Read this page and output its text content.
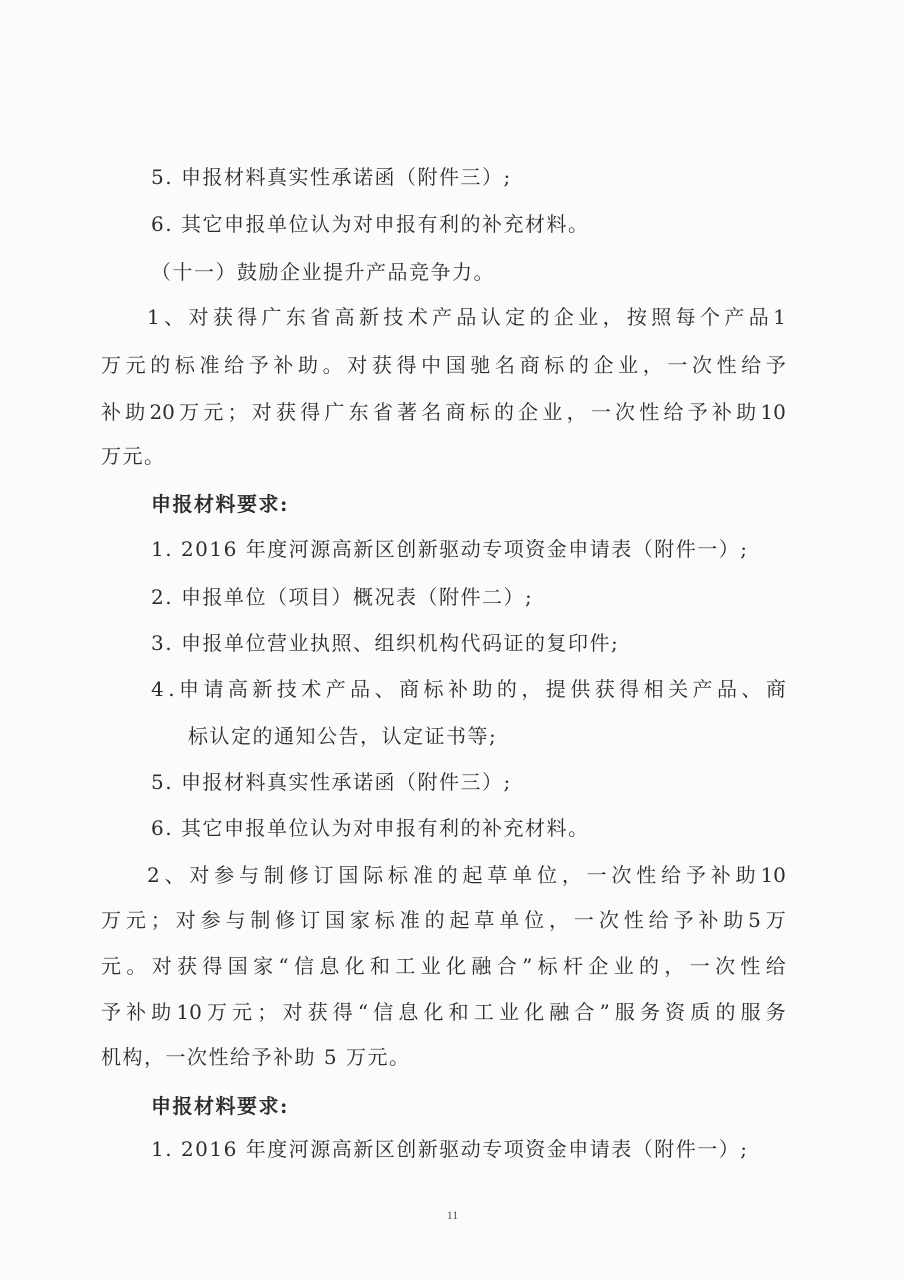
5. 申报材料真实性承诺函（附件三）;
6. 其它申报单位认为对申报有利的补充材料。
（十一）鼓励企业提升产品竞争力。
1 、 对 获 得 广 东 省 高 新 技 术 产 品 认 定 的 企 业 ， 按 照 每 个 产 品 1
万 元 的 标 准 给 予 补 助 。 对 获 得 中 国 驰 名 商 标 的 企 业 ， 一 次 性 给 予
补 助 20 万 元 ； 对 获 得 广 东 省 著 名 商 标 的 企 业 ， 一 次 性 给 予 补 助 10
万元。
申报材料要求:
1. 2016 年度河源高新区创新驱动专项资金申请表（附件一）;
2. 申报单位（项目）概况表（附件二）;
3. 申报单位营业执照、组织机构代码证的复印件;
4 . 申 请 高 新 技 术 产 品 、 商 标 补 助 的 ， 提 供 获 得 相 关 产 品 、 商
标认定的通知公告，认定证书等;
5. 申报材料真实性承诺函（附件三）;
6. 其它申报单位认为对申报有利的补充材料。
2 、 对 参 与 制 修 订 国 际 标 准 的 起 草 单 位 ， 一 次 性 给 予 补 助 10
万 元 ； 对 参 与 制 修 订 国 家 标 准 的 起 草 单 位 ， 一 次 性 给 予 补 助 5 万
元 。 对 获 得 国 家 “ 信 息 化 和 工 业 化 融 合 ” 标 杆 企 业 的 ， 一 次 性 给
予 补 助 10 万 元 ； 对 获 得 “ 信 息 化 和 工 业 化 融 合 ” 服 务 资 质 的 服 务
机构，一次性给予补助 5 万元。
申报材料要求:
1. 2016 年度河源高新区创新驱动专项资金申请表（附件一）;
11
